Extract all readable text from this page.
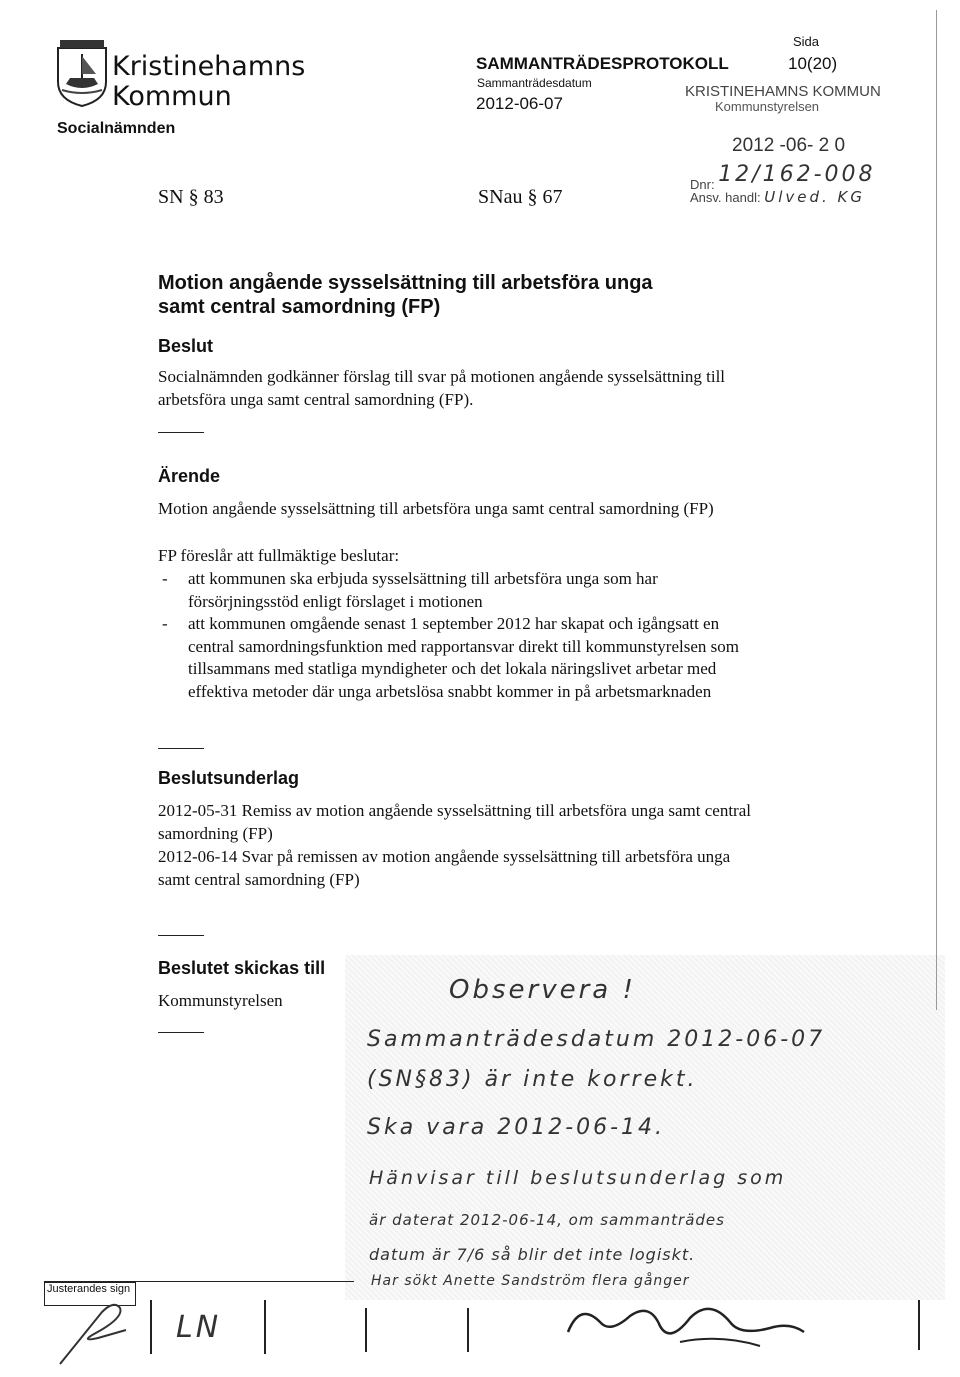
Kristinehamns
Kommun
Socialnämnden
SAMMANTRÄDESPROTOKOLL
Sammanträdesdatum
2012-06-07
Sida
10(20)
KRISTINEHAMNS KOMMUN
Kommunstyrelsen
2012 -06- 2 0
Dnr: 12/162-008
Ansv. handl: Ulved. KG
SN § 83	SNau § 67
Motion angående sysselsättning till arbetsföra unga
samt central samordning (FP)
Beslut
Socialnämnden godkänner förslag till svar på motionen angående sysselsättning till arbetsföra unga samt central samordning (FP).
Ärende
Motion angående sysselsättning till arbetsföra unga samt central samordning (FP)
FP föreslår att fullmäktige beslutar:
- att kommunen ska erbjuda sysselsättning till arbetsföra unga som har försörjningsstöd enligt förslaget i motionen
- att kommunen omgående senast 1 september 2012 har skapat och igångsatt en central samordningsfunktion med rapportansvar direkt till kommunstyrelsen som tillsammans med statliga myndigheter och det lokala näringslivet arbetar med effektiva metoder där unga arbetslösa snabbt kommer in på arbetsmarknaden
Beslutsunderlag
2012-05-31 Remiss av motion angående sysselsättning till arbetsföra unga samt central samordning (FP)
2012-06-14 Svar på remissen av motion angående sysselsättning till arbetsföra unga samt central samordning (FP)
Beslutet skickas till
Kommunstyrelsen	Observera !
Sammanträdesdatum 2012-06-07
(SN§83) är inte korrekt.
Ska vara 2012-06-14.
Hänvisar till beslutsunderlag som
är daterat 2012-06-14, om sammanträdes
datum är 7/6 så blir det inte logiskt.
Har sökt Anette Sandström flera gånger
Justerandes sign
LN
